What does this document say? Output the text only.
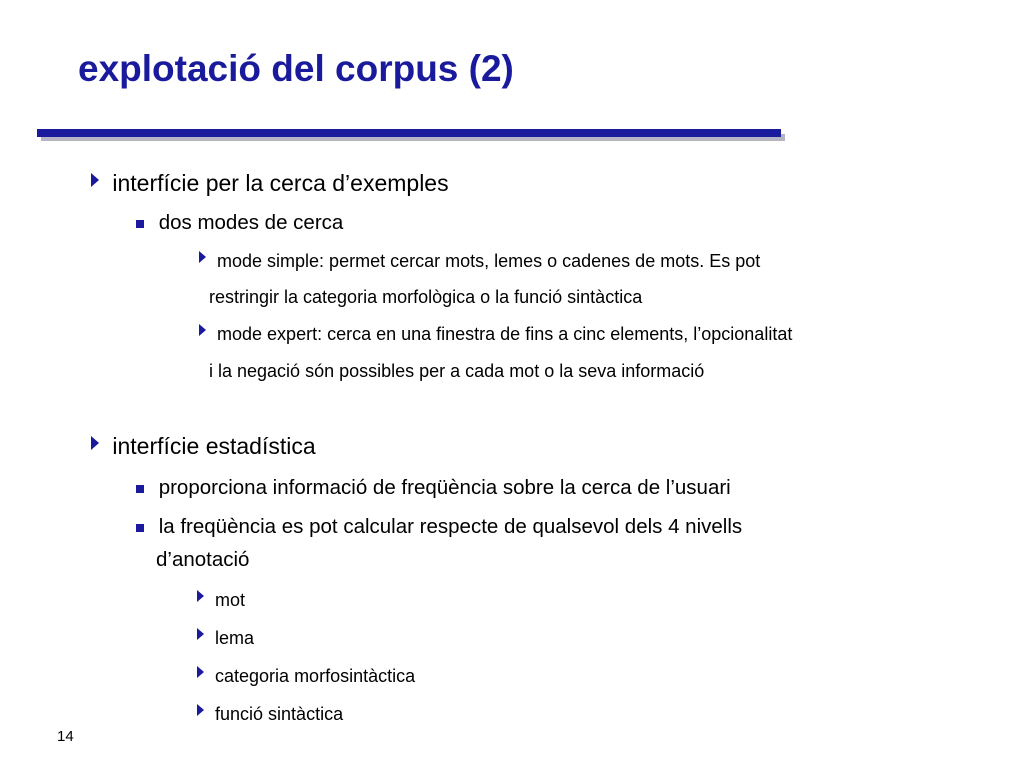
explotació del corpus (2)
interfície per la cerca d’exemples
dos modes de cerca
mode simple: permet cercar mots, lemes o cadenes de mots. Es pot
restringir la categoria morfològica o la funció sintàctica
mode expert: cerca en una finestra de fins a cinc elements, l’opcionalitat
i la negació són possibles per a cada mot o la seva informació
interfície estadística
proporciona informació de freqüència sobre la cerca de l’usuari
la freqüència es pot calcular respecte de qualsevol dels 4 nivells
d’anotació
mot
lema
categoria morfosintàctica
funció sintàctica
14
